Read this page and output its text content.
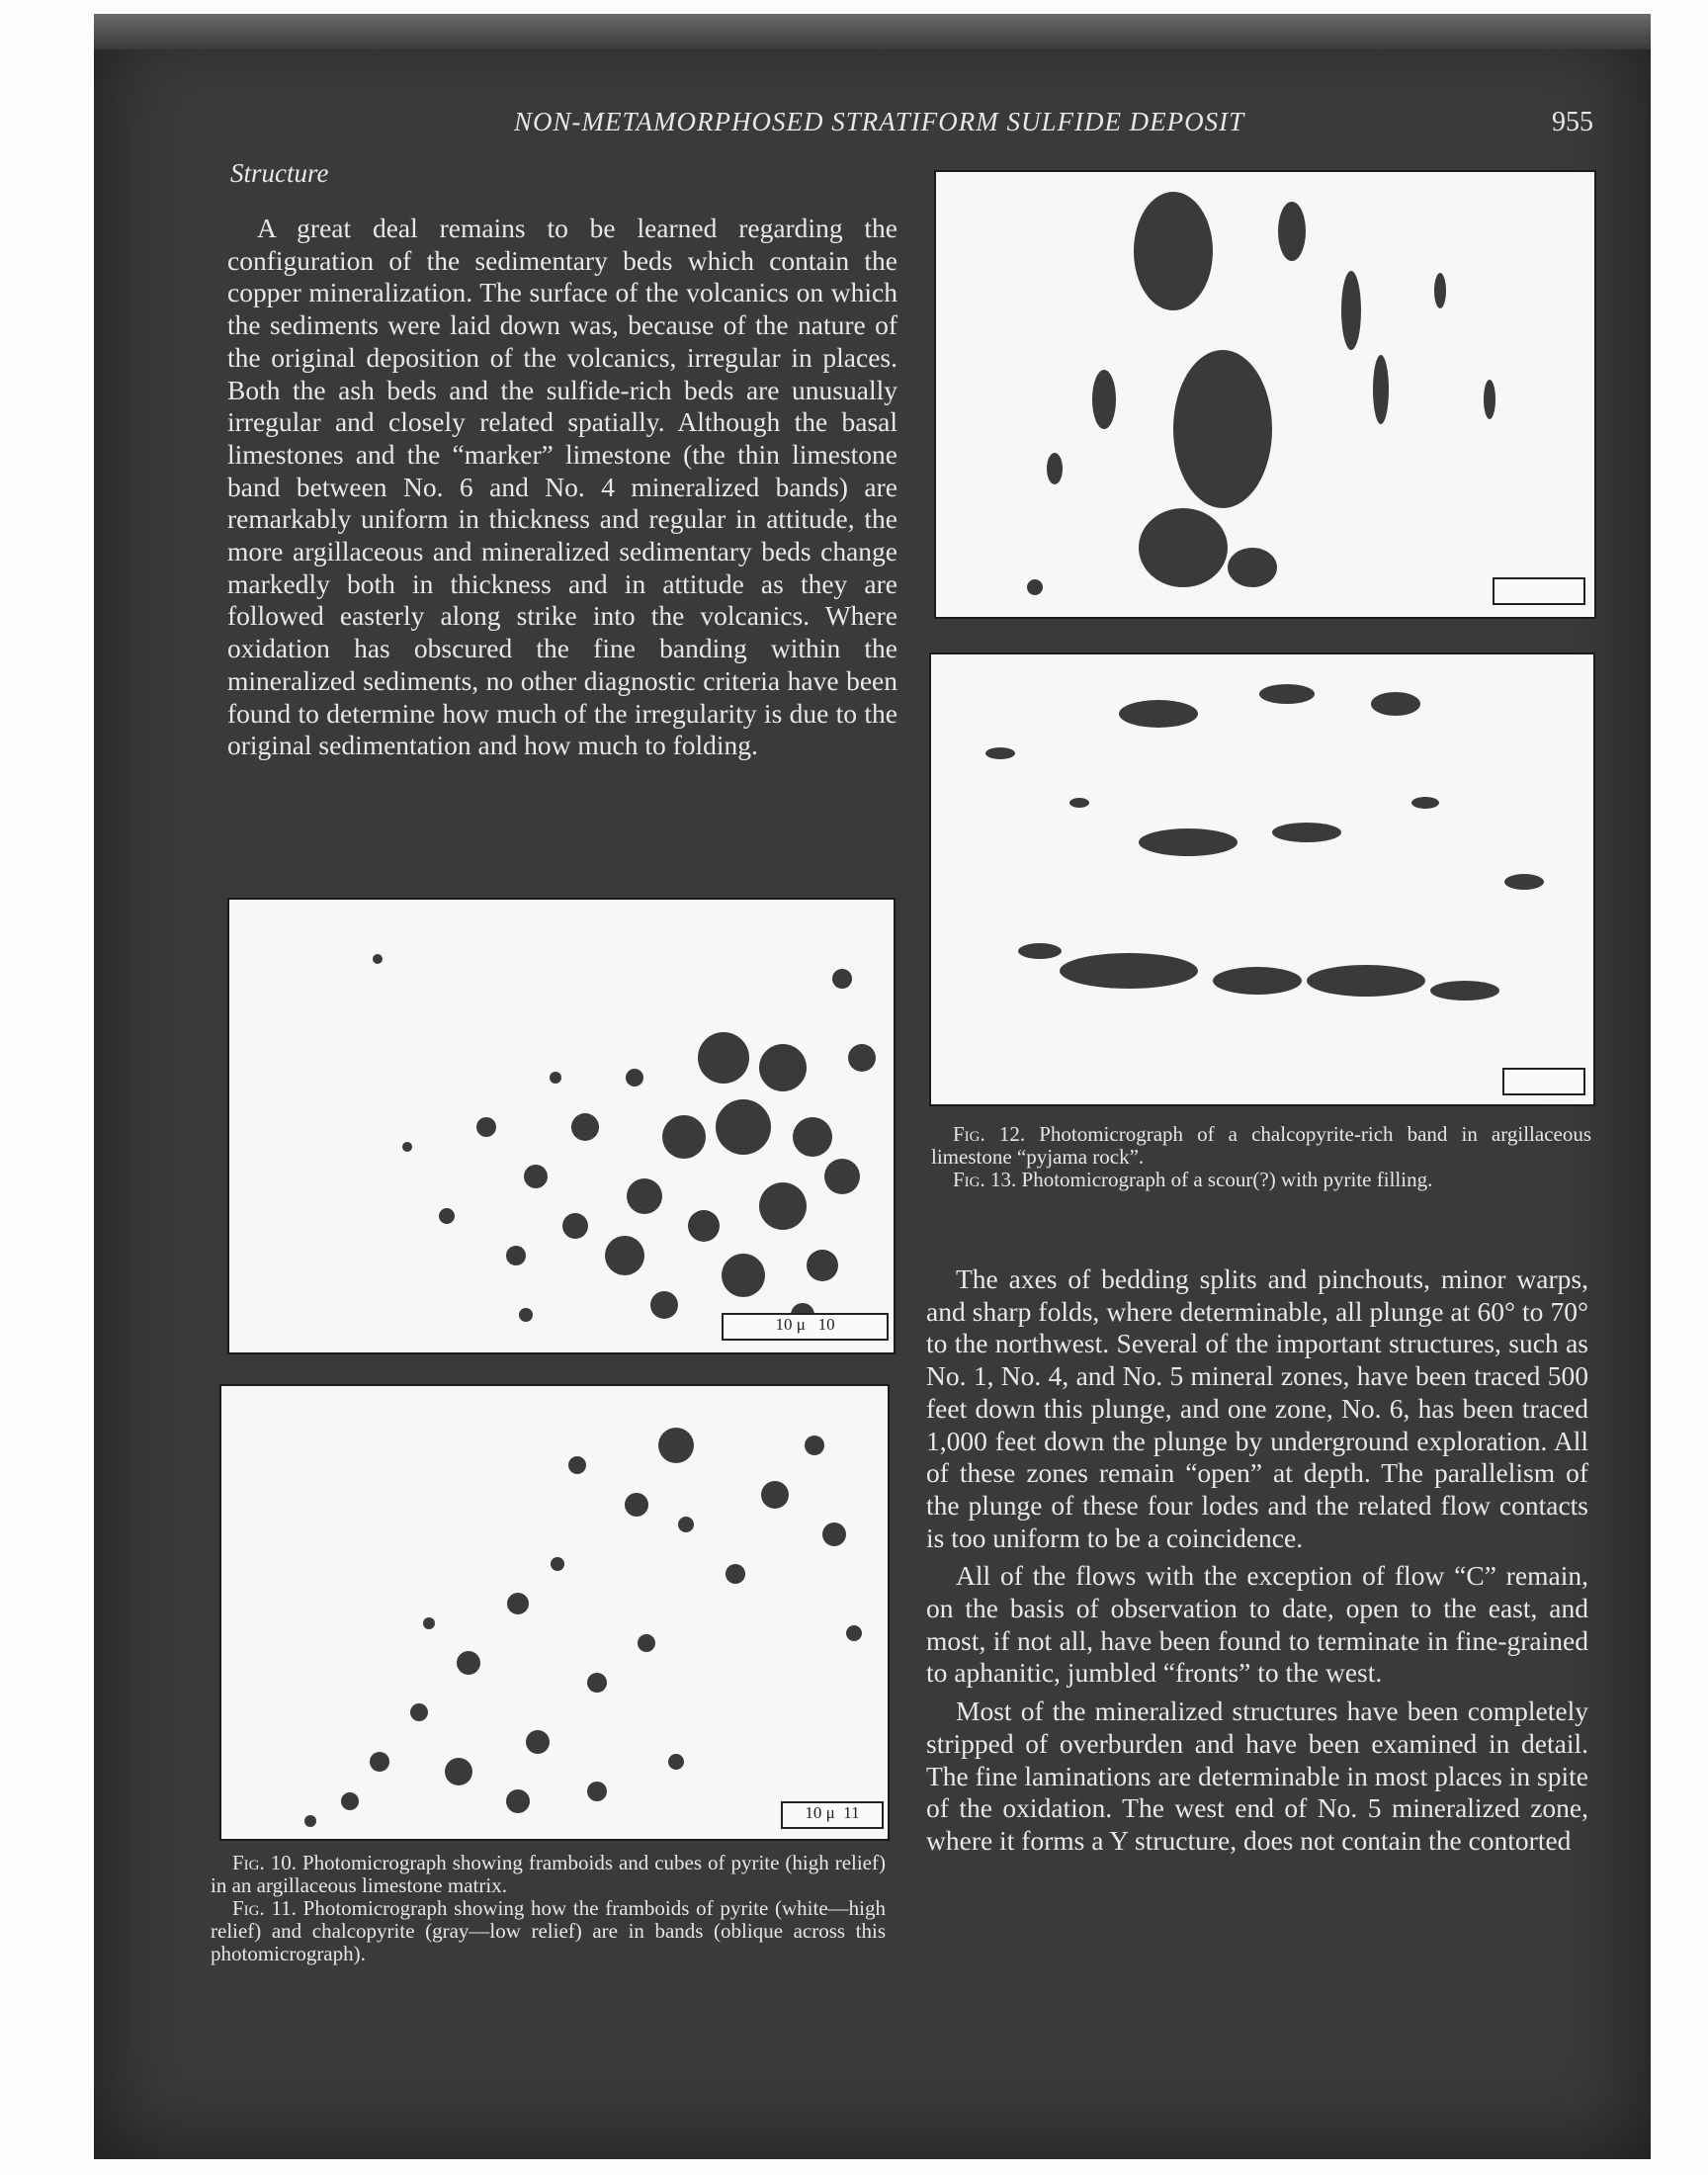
NON-METAMORPHOSED STRATIFORM SULFIDE DEPOSIT	955
Structure

A great deal remains to be learned regarding the configuration of the sedimentary beds which contain the copper mineralization. The surface of the volcanics on which the sediments were laid down was, because of the nature of the original deposition of the volcanics, irregular in places. Both the ash beds and the sulfide-rich beds are unusually irregular and closely related spatially. Although the basal limestones and the “marker” limestone (the thin limestone band between No. 6 and No. 4 mineralized bands) are remarkably uniform in thickness and regular in attitude, the more argillaceous and mineralized sedimentary beds change markedly both in thickness and in attitude as they are followed easterly along strike into the volcanics. Where oxidation has obscured the fine banding within the mineralized sediments, no other diagnostic criteria have been found to determine how much of the irregularity is due to the original sedimentation and how much to folding.

10 μ 10
10 μ 11

Fig. 10. Photomicrograph showing framboids and cubes of pyrite (high relief) in an argillaceous limestone matrix.

Fig. 11. Photomicrograph showing how the framboids of pyrite (white—high relief) and chalcopyrite (gray—low relief) are in bands (oblique across this photomicrograph).

Fig. 12. Photomicrograph of a chalcopyrite-rich band in argillaceous limestone “pyjama rock”.

Fig. 13. Photomicrograph of a scour(?) with pyrite filling.

The axes of bedding splits and pinchouts, minor warps, and sharp folds, where determinable, all plunge at 60° to 70° to the northwest. Several of the important structures, such as No. 1, No. 4, and No. 5 mineral zones, have been traced 500 feet down this plunge, and one zone, No. 6, has been traced 1,000 feet down the plunge by underground exploration. All of these zones remain “open” at depth. The parallelism of the plunge of these four lodes and the related flow contacts is too uniform to be a coincidence.

All of the flows with the exception of flow “C” remain, on the basis of observation to date, open to the east, and most, if not all, have been found to terminate in fine-grained to aphanitic, jumbled “fronts” to the west.

Most of the mineralized structures have been completely stripped of overburden and have been examined in detail. The fine laminations are determinable in most places in spite of the oxidation. The west end of No. 5 mineralized zone, where it forms a Y structure, does not contain the contorted
